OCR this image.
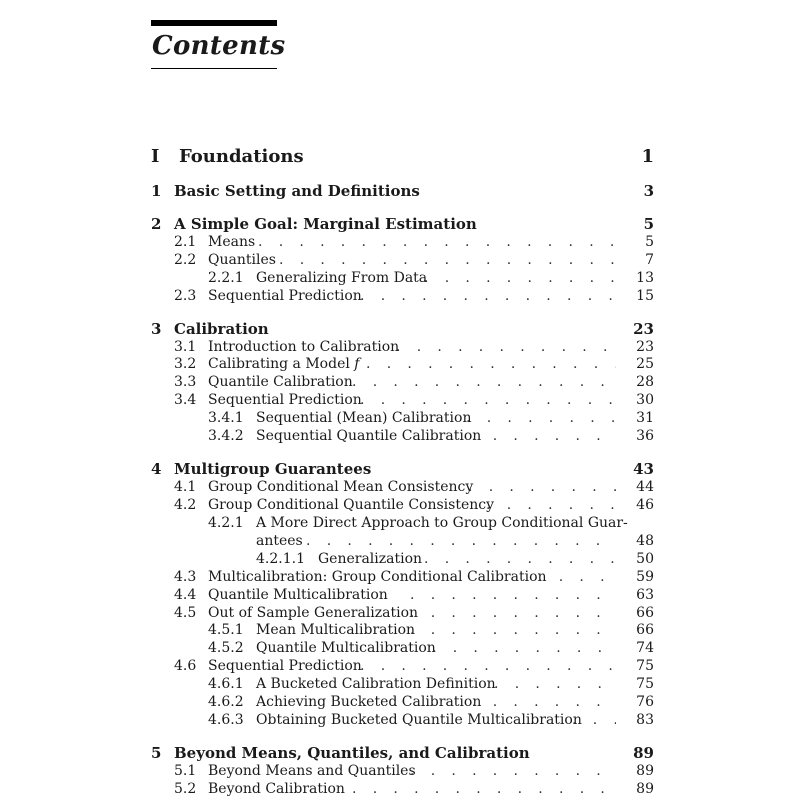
Contents
I Foundations	1
1 Basic Setting and Definitions	3
2 A Simple Goal: Marginal Estimation	5
2.1 Means . . .	5
2.2 Quantiles . . .	7
2.2.1 Generalizing From Data . . .	13
2.3 Sequential Prediction . . .	15
3 Calibration	23
3.1 Introduction to Calibration . . .	23
3.2 Calibrating a Model f . . .	25
3.3 Quantile Calibration . . .	28
3.4 Sequential Prediction . . .	30
3.4.1 Sequential (Mean) Calibration . . .	31
3.4.2 Sequential Quantile Calibration . . .	36
4 Multigroup Guarantees	43
4.1 Group Conditional Mean Consistency . . .	44
4.2 Group Conditional Quantile Consistency . . .	46
4.2.1 A More Direct Approach to Group Conditional Guar-
antees . . .	48
4.2.1.1 Generalization . . .	50
4.3 Multicalibration: Group Conditional Calibration . . .	59
4.4 Quantile Multicalibration . . .	63
4.5 Out of Sample Generalization . . .	66
4.5.1 Mean Multicalibration . . .	66
4.5.2 Quantile Multicalibration . . .	74
4.6 Sequential Prediction . . .	75
4.6.1 A Bucketed Calibration Definition . . .	75
4.6.2 Achieving Bucketed Calibration . . .	76
4.6.3 Obtaining Bucketed Quantile Multicalibration . . .	83
5 Beyond Means, Quantiles, and Calibration	89
5.1 Beyond Means and Quantiles . . .	89
5.2 Beyond Calibration . . .	89
